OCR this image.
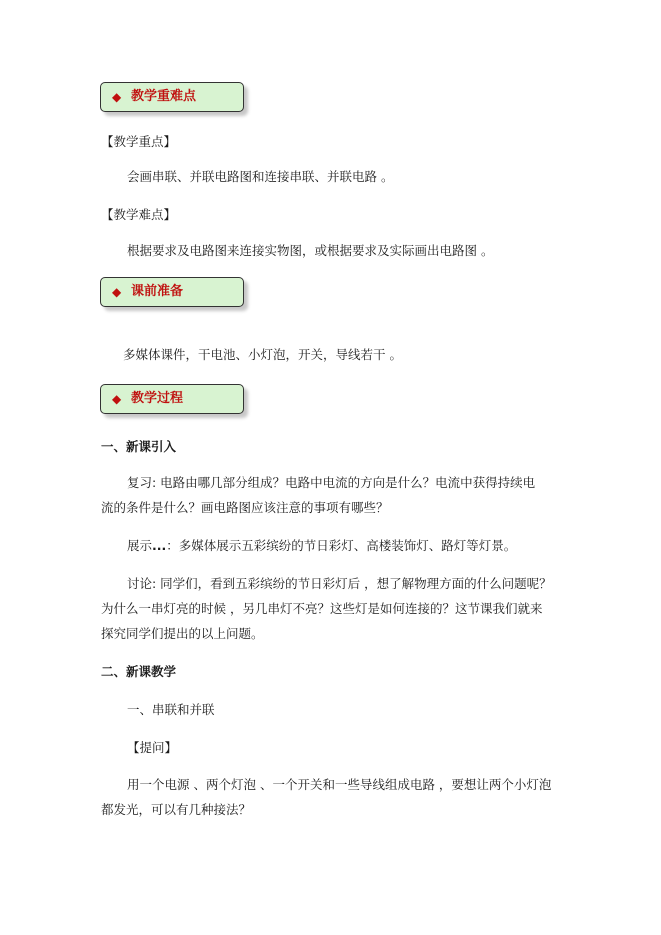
◆ 教学重难点
【教学重点】
会画串联、并联电路图和连接串联、并联电路 。
【教学难点】
根据要求及电路图来连接实物图，或根据要求及实际画出电路图 。
◆ 课前准备
多媒体课件，干电池、小灯泡，开关，导线若干 。
◆ 教学过程
一、新课引入
复习: 电路由哪几部分组成？电路中电流的方向是什么？电流中获得持续电
流的条件是什么？画电路图应该注意的事项有哪些？
展示...：多媒体展示五彩缤纷的节日彩灯、高楼装饰灯、路灯等灯景。
讨论: 同学们，看到五彩缤纷的节日彩灯后 ，想了解物理方面的什么问题呢？
为什么一串灯亮的时候 ，另几串灯不亮？这些灯是如何连接的？这节课我们就来
探究同学们提出的以上问题。
二、新课教学
一、串联和并联
【提问】
用一个电源 、两个灯泡 、一个开关和一些导线组成电路 ，要想让两个小灯泡
都发光，可以有几种接法？
